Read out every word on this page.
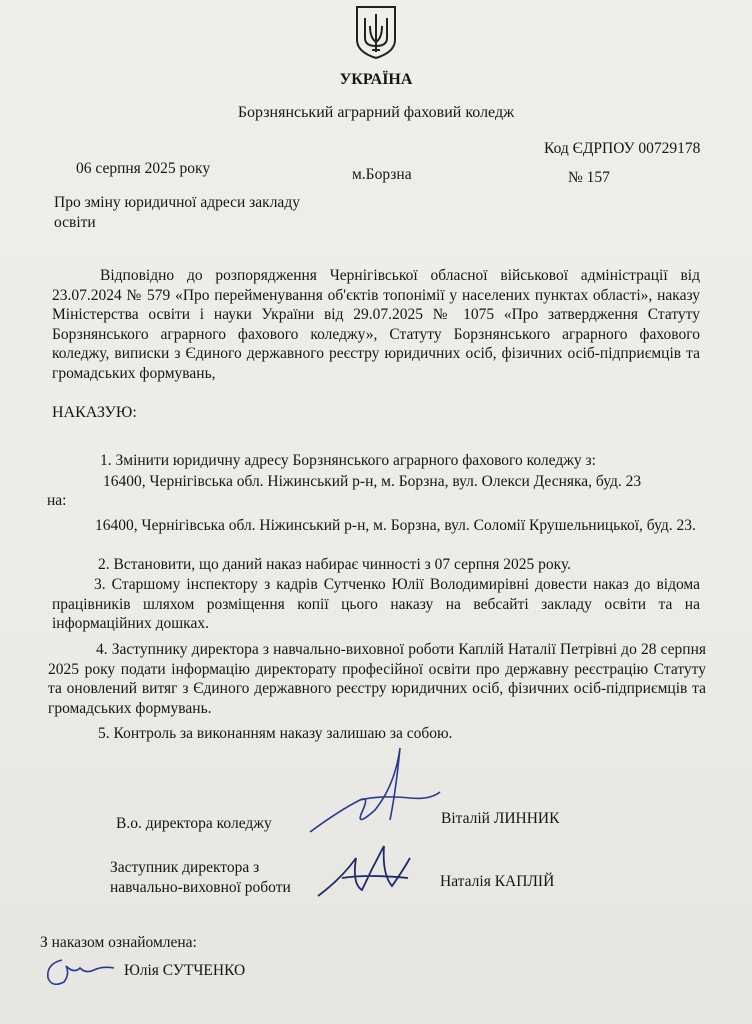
УКРАЇНА
Борзнянський аграрний фаховий коледж
Код ЄДРПОУ 00729178
06 серпня 2025 року	м.Борзна	№ 157
Про зміну юридичної адреси закладу освіти
Відповідно до розпорядження Чернігівської обласної військової адміністрації від 23.07.2024 № 579 «Про перейменування об'єктів топонімії у населених пунктах області», наказу Міністерства освіти і науки України від 29.07.2025 № 1075 «Про затвердження Статуту Борзнянського аграрного фахового коледжу», Статуту Борзнянського аграрного фахового коледжу, виписки з Єдиного державного реєстру юридичних осіб, фізичних осіб-підприємців та громадських формувань,
НАКАЗУЮ:
1. Змінити юридичну адресу Борзнянського аграрного фахового коледжу з:
16400, Чернігівська обл. Ніжинський р-н, м. Борзна, вул. Олекси Десняка, буд. 23
на:
16400, Чернігівська обл. Ніжинський р-н, м. Борзна, вул. Соломії Крушельницької, буд. 23.
2. Встановити, що даний наказ набирає чинності з 07 серпня 2025 року.
3. Старшому інспектору з кадрів Сутченко Юлії Володимирівні довести наказ до відома працівників шляхом розміщення копії цього наказу на вебсайті закладу освіти та на інформаційних дошках.
4. Заступнику директора з навчально-виховної роботи Каплій Наталії Петрівні до 28 серпня 2025 року подати інформацію директорату професійної освіти про державну реєстрацію Статуту та оновлений витяг з Єдиного державного реєстру юридичних осіб, фізичних осіб-підприємців та громадських формувань.
5. Контроль за виконанням наказу залишаю за собою.
В.о. директора коледжу	Віталій ЛИННИК
Заступник директора з навчально-виховної роботи	Наталія КАПЛІЙ
З наказом ознайомлена:
Юлія СУТЧЕНКО
